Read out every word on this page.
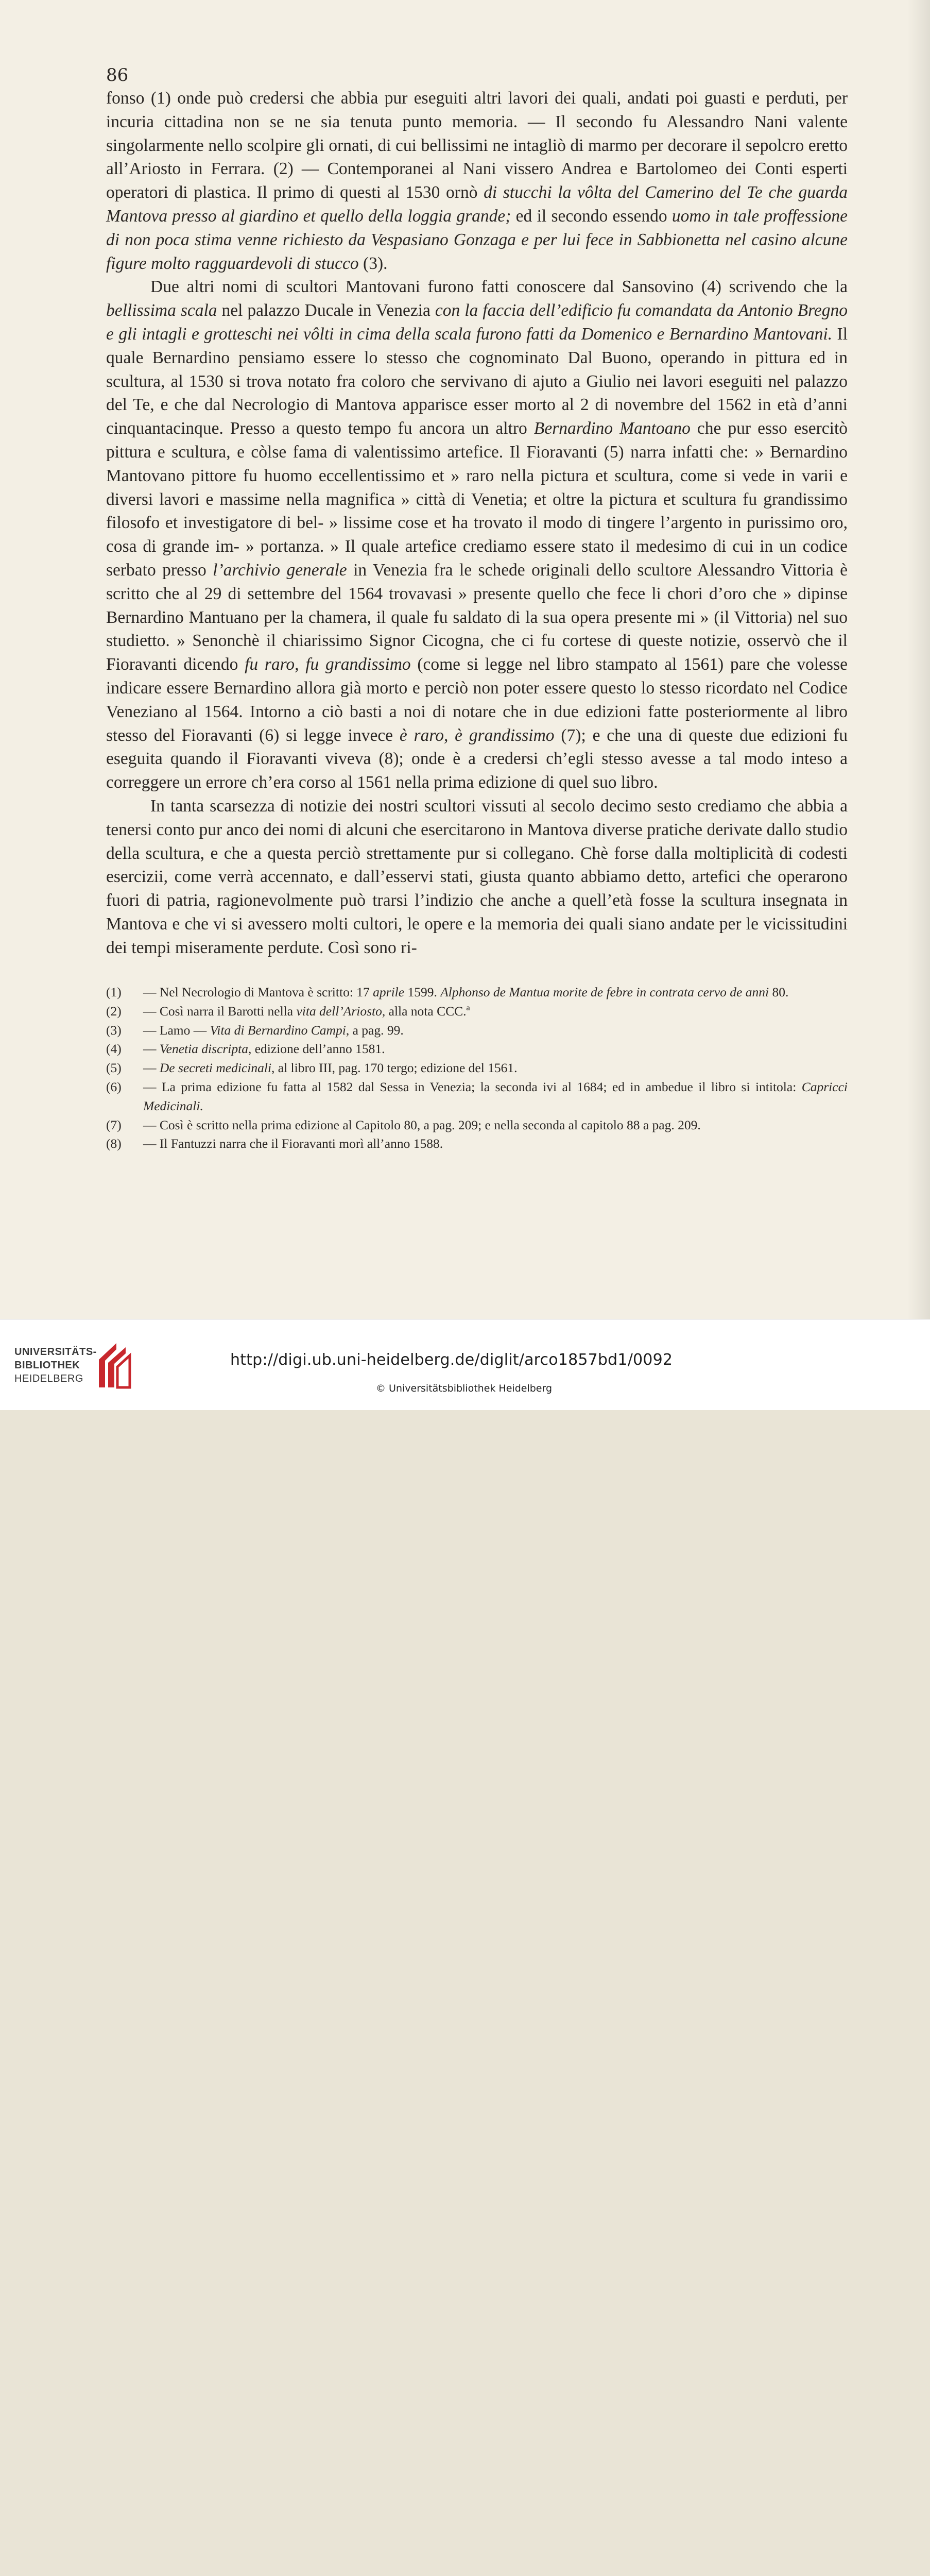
86

fonso (1) onde può credersi che abbia pur eseguiti altri lavori dei quali, andati poi guasti e perduti, per incuria cittadina non se ne sia tenuta punto memoria. — Il secondo fu Alessandro Nani valente singolarmente nello scolpire gli ornati, di cui bellissimi ne intagliò di marmo per decorare il sepolcro eretto all’Ariosto in Ferrara. (2) — Contemporanei al Nani vissero Andrea e Bartolomeo dei Conti esperti operatori di plastica. Il primo di questi al 1530 ornò di stucchi la vôlta del Camerino del Te che guarda Mantova presso al giardino et quello della loggia grande; ed il secondo essendo uomo in tale proffessione di non poca stima venne richiesto da Vespasiano Gonzaga e per lui fece in Sabbionetta nel casino alcune figure molto ragguardevoli di stucco (3).

Due altri nomi di scultori Mantovani furono fatti conoscere dal Sansovino (4) scrivendo che la bellissima scala nel palazzo Ducale in Venezia con la faccia dell’edificio fu comandata da Antonio Bregno e gli intagli e grotteschi nei vôlti in cima della scala furono fatti da Domenico e Bernardino Mantovani. Il quale Bernardino pensiamo essere lo stesso che cognominato Dal Buono, operando in pittura ed in scultura, al 1530 si trova notato fra coloro che servivano di ajuto a Giulio nei lavori eseguiti nel palazzo del Te, e che dal Necrologio di Mantova apparisce esser morto al 2 di novembre del 1562 in età d’anni cinquantacinque. Presso a questo tempo fu ancora un altro Bernardino Mantoano che pur esso esercitò pittura e scultura, e còlse fama di valentissimo artefice. Il Fioravanti (5) narra infatti che: » Bernardino Mantovano pittore fu huomo eccellentissimo et » raro nella pictura et scultura, come si vede in varii e diversi lavori e massime nella magnifica » città di Venetia; et oltre la pictura et scultura fu grandissimo filosofo et investigatore di bel- » lissime cose et ha trovato il modo di tingere l’argento in purissimo oro, cosa di grande im- » portanza. » Il quale artefice crediamo essere stato il medesimo di cui in un codice serbato presso l’archivio generale in Venezia fra le schede originali dello scultore Alessandro Vittoria è scritto che al 29 di settembre del 1564 trovavasi » presente quello che fece li chori d’oro che » dipinse Bernardino Mantuano per la chamera, il quale fu saldato di la sua opera presente mi » (il Vittoria) nel suo studietto. » Senonchè il chiarissimo Signor Cicogna, che ci fu cortese di queste notizie, osservò che il Fioravanti dicendo fu raro, fu grandissimo (come si legge nel libro stampato al 1561) pare che volesse indicare essere Bernardino allora già morto e perciò non poter essere questo lo stesso ricordato nel Codice Veneziano al 1564. Intorno a ciò basti a noi di notare che in due edizioni fatte posteriormente al libro stesso del Fioravanti (6) si legge invece è raro, è grandissimo (7); e che una di queste due edizioni fu eseguita quando il Fioravanti viveva (8); onde è a credersi ch’egli stesso avesse a tal modo inteso a correggere un errore ch’era corso al 1561 nella prima edizione di quel suo libro.

In tanta scarsezza di notizie dei nostri scultori vissuti al secolo decimo sesto crediamo che abbia a tenersi conto pur anco dei nomi di alcuni che esercitarono in Mantova diverse pratiche derivate dallo studio della scultura, e che a questa perciò strettamente pur si collegano. Chè forse dalla moltiplicità di codesti esercizii, come verrà accennato, e dall’esservi stati, giusta quanto abbiamo detto, artefici che operarono fuori di patria, ragionevolmente può trarsi l’indizio che anche a quell’età fosse la scultura insegnata in Mantova e che vi si avessero molti cultori, le opere e la memoria dei quali siano andate per le vicissitudini dei tempi miseramente perdute. Così sono ri-

(1) — Nel Necrologio di Mantova è scritto: 17 aprile 1599. Alphonso de Mantua morite de febre in contrata cervo de anni 80.
(2) — Così narra il Barotti nella vita dell’Ariosto, alla nota CCC.ª
(3) — Lamo — Vita di Bernardino Campi, a pag. 99.
(4) — Venetia discripta, edizione dell’anno 1581.
(5) — De secreti medicinali, al libro III, pag. 170 tergo; edizione del 1561.
(6) — La prima edizione fu fatta al 1582 dal Sessa in Venezia; la seconda ivi al 1684; ed in ambedue il libro si intitola: Capricci Medicinali.
(7) — Così è scritto nella prima edizione al Capitolo 80, a pag. 209; e nella seconda al capitolo 88 a pag. 209.
(8) — Il Fantuzzi narra che il Fioravanti morì all’anno 1588.
UNIVERSITÄTS-
BIBLIOTHEK
HEIDELBERG
http://digi.ub.uni-heidelberg.de/diglit/arco1857bd1/0092
© Universitätsbibliothek Heidelberg
